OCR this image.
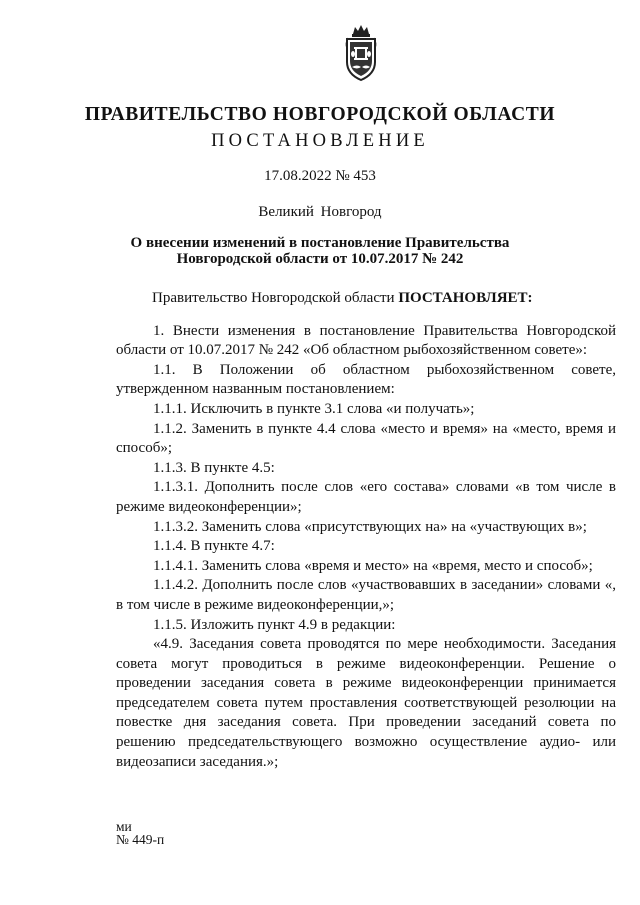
ПРАВИТЕЛЬСТВО НОВГОРОДСКОЙ ОБЛАСТИ
ПОСТАНОВЛЕНИЕ
17.08.2022 № 453
Великий Новгород
О внесении изменений в постановление Правительства
Новгородской области от 10.07.2017 № 242

Правительство Новгородской области ПОСТАНОВЛЯЕТ:

1. Внести изменения в постановление Правительства Новгородской области от 10.07.2017 № 242 «Об областном рыбохозяйственном совете»:

1.1. В Положении об областном рыбохозяйственном совете, утвержденном названным постановлением:

1.1.1. Исключить в пункте 3.1 слова «и получать»;

1.1.2. Заменить в пункте 4.4 слова «место и время» на «место, время и способ»;

1.1.3. В пункте 4.5:

1.1.3.1. Дополнить после слов «его состава» словами «в том числе в режиме видеоконференции»;

1.1.3.2. Заменить слова «присутствующих на» на «участвующих в»;

1.1.4. В пункте 4.7:

1.1.4.1. Заменить слова «время и место» на «время, место и способ»;

1.1.4.2. Дополнить после слов «участвовавших в заседании» словами «, в том числе в режиме видеоконференции,»;

1.1.5. Изложить пункт 4.9 в редакции:

«4.9. Заседания совета проводятся по мере необходимости. Заседания совета могут проводиться в режиме видеоконференции. Решение о проведении заседания совета в режиме видеоконференции принимается председателем совета путем проставления соответствующей резолюции на повестке дня заседания совета. При проведении заседаний совета по решению председательствующего возможно осуществление аудио- или видеозаписи заседания.»;

ми
№ 449-п
